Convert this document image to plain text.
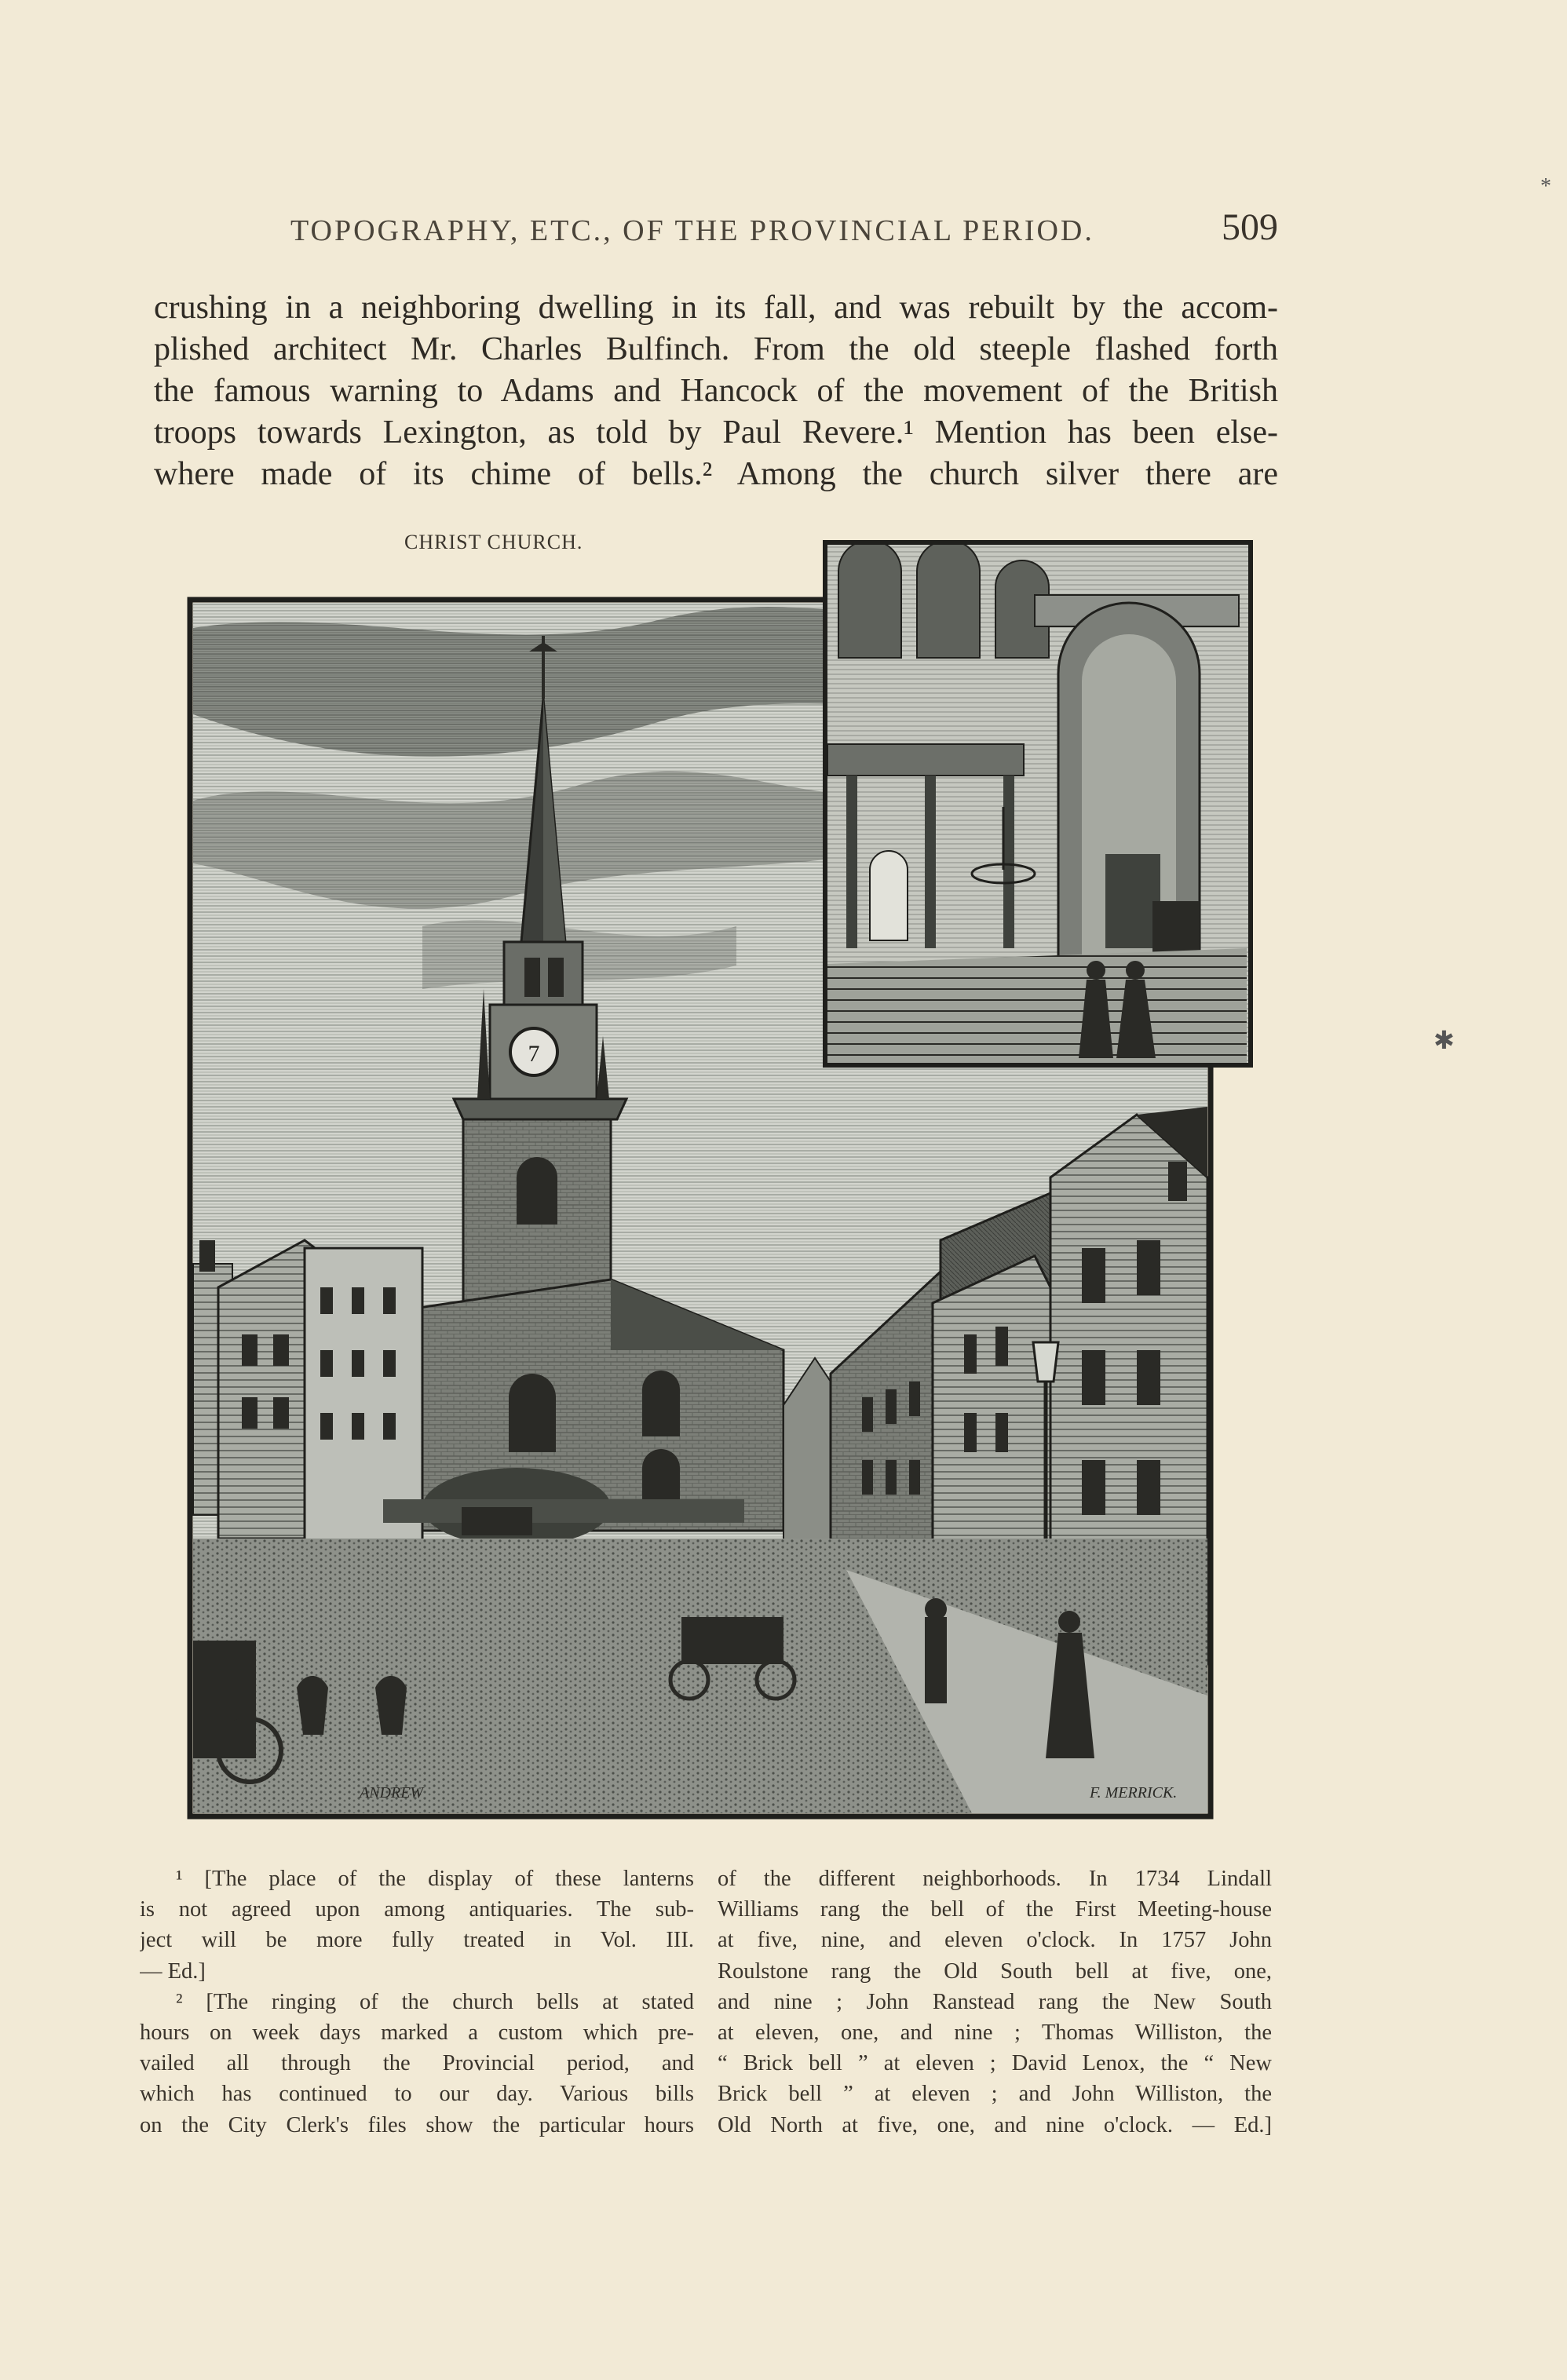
TOPOGRAPHY, ETC., OF THE PROVINCIAL PERIOD.	509
*
✱
crushing in a neighboring dwelling in its fall, and was rebuilt by the accom-
plished architect Mr. Charles Bulfinch. From the old steeple flashed forth
the famous warning to Adams and Hancock of the movement of the British
troops towards Lexington, as told by Paul Revere.¹ Mention has been else-
where made of its chime of bells.² Among the church silver there are
CHRIST CHURCH.
7
ANDREW	F. MERRICK.
¹ [The place of the display of these lanterns
is not agreed upon among antiquaries. The sub-
ject will be more fully treated in Vol. III.
— Ed.]
² [The ringing of the church bells at stated
hours on week days marked a custom which pre-
vailed all through the Provincial period, and
which has continued to our day. Various bills
on the City Clerk's files show the particular hours
of the different neighborhoods. In 1734 Lindall
Williams rang the bell of the First Meeting-house
at five, nine, and eleven o'clock. In 1757 John
Roulstone rang the Old South bell at five, one,
and nine ; John Ranstead rang the New South
at eleven, one, and nine ; Thomas Williston, the
“ Brick bell ” at eleven ; David Lenox, the “ New
Brick bell ” at eleven ; and John Williston, the
Old North at five, one, and nine o'clock. — Ed.]
